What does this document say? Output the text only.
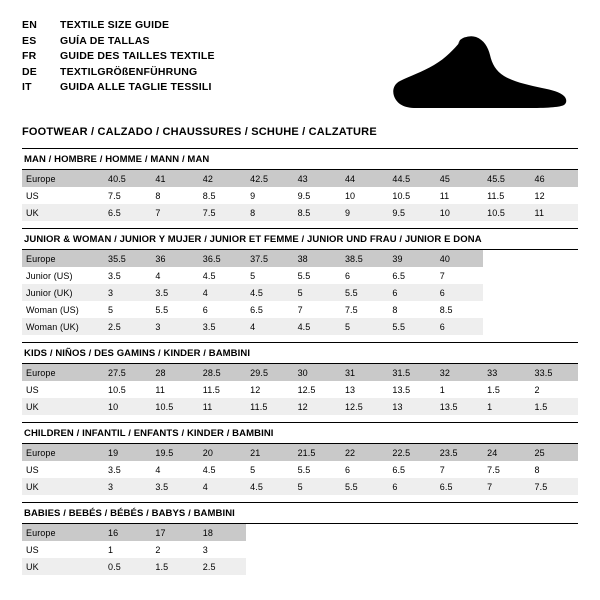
EN	TEXTILE SIZE GUIDE
ES	GUÍA DE TALLAS
FR	GUIDE DES TAILLES TEXTILE
DE	TEXTILGRÖßENFÜHRUNG
IT	GUIDA ALLE TAGLIE TESSILI
FOOTWEAR / CALZADO / CHAUSSURES / SCHUHE / CALZATURE
MAN / HOMBRE / HOMME / MANN / MAN
Europe	40.5	41	42	42.5	43	44	44.5	45	45.5	46
US	7.5	8	8.5	9	9.5	10	10.5	11	11.5	12
UK	6.5	7	7.5	8	8.5	9	9.5	10	10.5	11
JUNIOR & WOMAN / JUNIOR Y MUJER / JUNIOR ET FEMME / JUNIOR UND FRAU / JUNIOR E DONA
Europe	35.5	36	36.5	37.5	38	38.5	39	40		
Junior (US)	3.5	4	4.5	5	5.5	6	6.5	7		
Junior (UK)	3	3.5	4	4.5	5	5.5	6	6		
Woman (US)	5	5.5	6	6.5	7	7.5	8	8.5		
Woman (UK)	2.5	3	3.5	4	4.5	5	5.5	6		
KIDS / NIÑOS / DES GAMINS / KINDER / BAMBINI
Europe	27.5	28	28.5	29.5	30	31	31.5	32	33	33.5
US	10.5	11	11.5	12	12.5	13	13.5	1	1.5	2
UK	10	10.5	11	11.5	12	12.5	13	13.5	1	1.5
CHILDREN / INFANTIL / ENFANTS / KINDER / BAMBINI
Europe	19	19.5	20	21	21.5	22	22.5	23.5	24	25
US	3.5	4	4.5	5	5.5	6	6.5	7	7.5	8
UK	3	3.5	4	4.5	5	5.5	6	6.5	7	7.5
BABIES / BEBÉS / BÉBÉS / BABYS / BAMBINI
Europe	16	17	18							
US	1	2	3							
UK	0.5	1.5	2.5							
